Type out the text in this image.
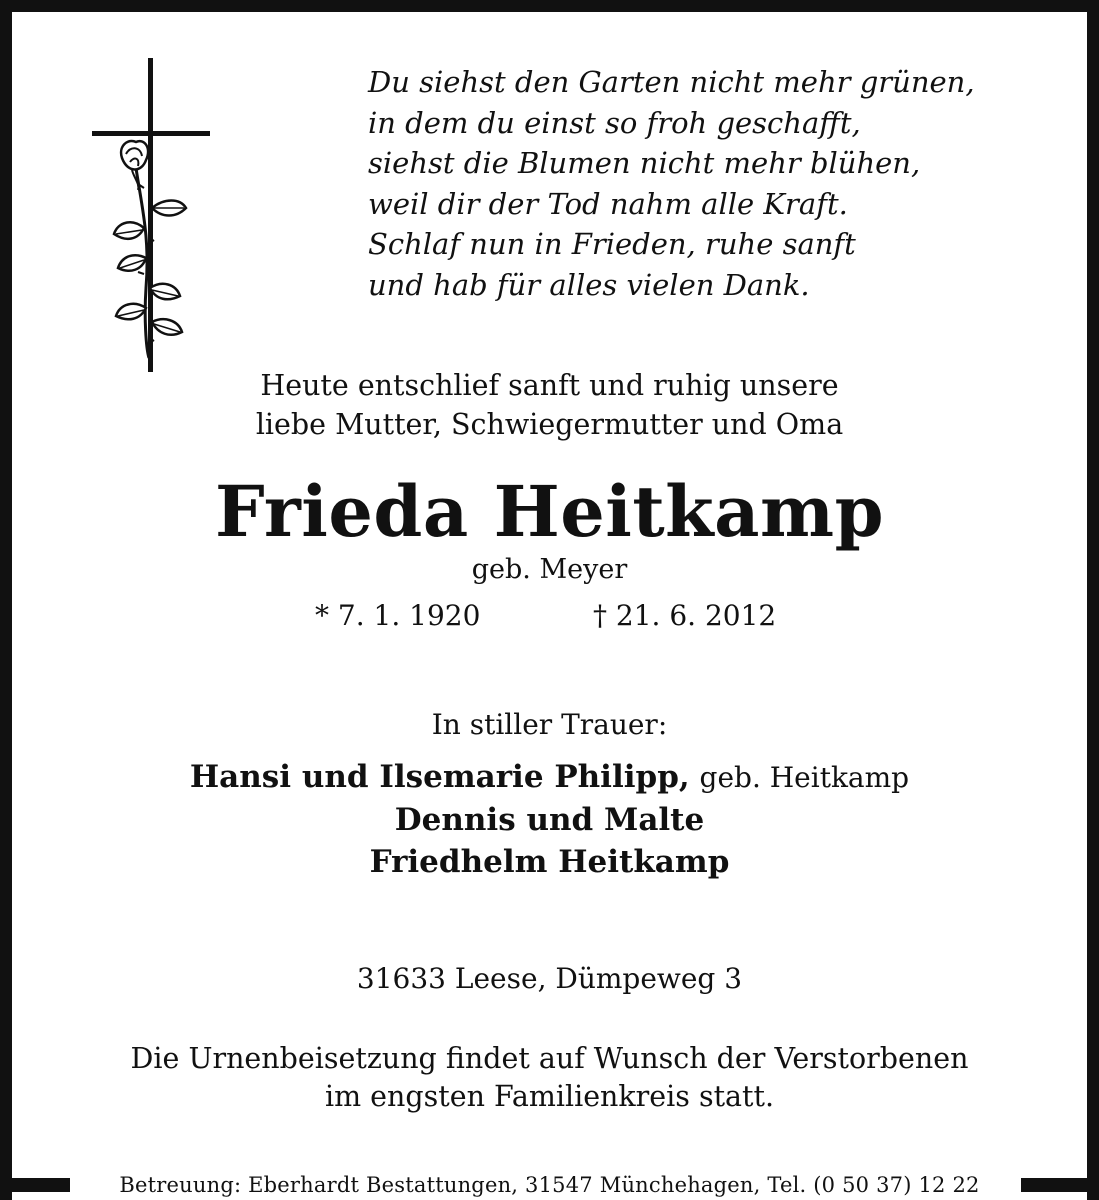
Du siehst den Garten nicht mehr grünen,
in dem du einst so froh geschafft,
siehst die Blumen nicht mehr blühen,
weil dir der Tod nahm alle Kraft.
Schlaf nun in Frieden, ruhe sanft
und hab für alles vielen Dank.
Heute entschlief sanft und ruhig unsere
liebe Mutter, Schwiegermutter und Oma
Frieda Heitkamp
geb. Meyer
* 7. 1. 1920	† 21. 6. 2012
In stiller Trauer:
Hansi und Ilsemarie Philipp, geb. Heitkamp
Dennis und Malte
Friedhelm Heitkamp
31633 Leese, Dümpeweg 3
Die Urnenbeisetzung findet auf Wunsch der Verstorbenen
im engsten Familienkreis statt.
Betreuung: Eberhardt Bestattungen, 31547 Münchehagen, Tel. (0 50 37) 12 22
